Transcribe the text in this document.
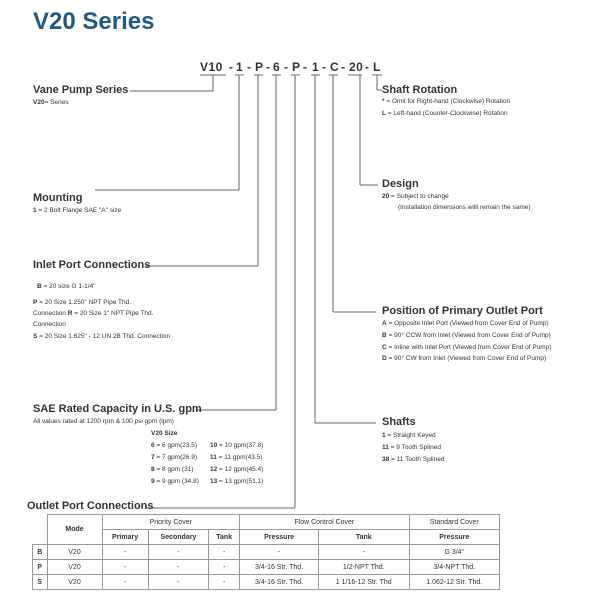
V20 Series
V10 - 1 - P - 6 - P - 1 - C - 20 - L
Vane Pump Series
V20= Series
Shaft Rotation
* = Omit for Right-hand (Clockwise) Rotation
L = Left-hand (Counter-Clockwise) Rotation
Design
20 = Subject to change
(Installation dimensions willl remain the same)
Mounting
1 = 2 Bolt Flange SAE "A" size
Inlet Port Connections
B = 20 size G 1-1/4"
P = 20 Size 1.250" NPT Pipe Thd.
Connection R = 20 Size 1" NPT Pipe Thd.
Connection
S = 20 Size 1.625" - 12 UN 2B Thd. Connection
Position of Primary Outlet Port
A = Opposite Inlet Port (Viewed from Cover End of Pump)
B = 90° CCW from Inlet (Viewed from Cover End of Pump)
C = Inline with Inlet Port (Viewed from Cover End of Pump)
D = 90° CW from Inlet (Viewed from Cover End of Pump)
SAE Rated Capacity in U.S. gpm
All values rated at 1200 rpm & 100 psi gpm (lpm)
V20 Size
6 = 6 gpm(23.5) 10 = 10 gpm(37.8)
7 = 7 gpm(26.9) 11 = 11 gpm(43.5)
8 = 8 gpm (31)	12 = 12 gpm(45.4)
9 = 9 gpm (34.8) 13 = 13 gpm(51.1)
Shafts
1 = Straight Keyed
11 = 9 Tooth Splined
38 = 11 Tooth Splined
Outlet Port Connections
	Mode	Priority Cover			Flow Control Cover		Standard Cover
		Primary	Secondary	Tank	Pressure	Tank	Pressure
B	V20	-	-	-	-	-	G 3/4"
P	V20	-	-	-	3/4-16 Str. Thd.	1/2-NPT Thd.	3/4-NPT Thd.
S	V20	-	-	-	3/4-16 Str. Thd.	1 1/16-12 Str. Thd	1.062-12 Str. Thd.
